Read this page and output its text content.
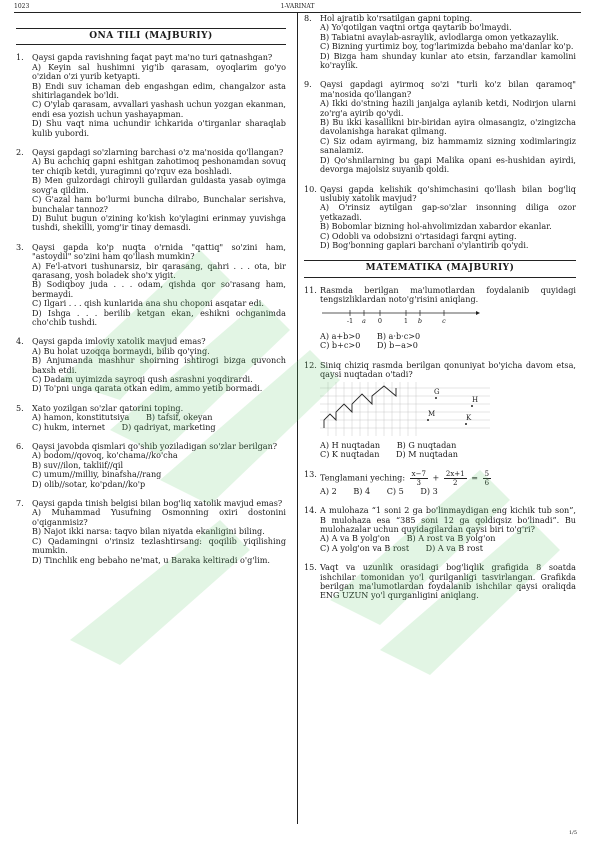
1023	1-VARINAT
ONA TILI (MAJBURIY)
1.	Qaysi gapda ravishning faqat payt ma'no turi qatnashgan?
A) Keyin sal hushimni yig'ib qarasam, oyoqlarim go'yo o'zidan o'zi yurib ketyapti.
B) Endi suv ichaman deb engashgan edim, changalzor asta shitirlagandek bo'ldi.
C) O'ylab qarasam, avvallari yashash uchun yozgan ekanman, endi esa yozish uchun yashayapman.
D) Shu vaqt nima uchundir ichkarida o'tirganlar sharaqlab kulib yubordi.
2.	Qaysi gapdagi so'zlarning barchasi o'z ma'nosida qo'llangan?
A) Bu achchiq gapni eshitgan zahotimoq peshonamdan sovuq ter chiqib ketdi, yuragimni qo'rquv eza boshladi.
B) Men gulzordagi chiroyli gullardan guldasta yasab oyimga sovg'a qildim.
C) G'azal ham bo'lurmi buncha dilrabo, Bunchalar serishva, bunchalar tannoz?
D) Bulut bugun o'zining ko'kish ko'ylagini erinmay yuvishga tushdi, shekilli, yomg'ir tinay demasdi.
3.	Qaysi gapda ko'p nuqta o'rnida "qattiq" so'zini ham, "astoydil" so'zini ham qo'llash mumkin?
A) Fe'l-atvori tushunarsiz, bir qarasang, qahri . . . ota, bir qarasang, yosh boladek sho'x yigit.
B) Sodiqboy juda . . . odam, qishda qor so'rasang ham, bermaydi.
C) Ilgari . . . qish kunlarida ana shu choponi asqatar edi.
D) Ishga . . . berilib ketgan ekan, eshikni ochganimda cho'chib tushdi.
4.	Qaysi gapda imloviy xatolik mavjud emas?
A) Bu holat uzoqqa bormaydi, bilib qo'ying.
B) Anjumanda mashhur shoirning ishtirogi bizga quvonch baxsh etdi.
C) Dadam uyimizda sayroqi qush asrashni yoqdirardi.
D) To'pni unga qarata otkan edim, ammo yetib bormadi.
5.	Xato yozilgan so'zlar qatorini toping.
A) hamon, konstitutsiya B) tafsif, okeyan
C) hukm, internet D) qadriyat, marketing
6.	Qaysi javobda qismlari qo'shib yoziladigan so'zlar berilgan?
A) bodom//qovoq, ko'chama//ko'cha
B) suv//ilon, takliif//qil
C) umum//milliy, binafsha//rang
D) olib//sotar, ko'pdan//ko'p
7.	Qaysi gapda tinish belgisi bilan bog'liq xatolik mavjud emas?
A) Muhammad Yusufning Osmonning oxiri dostonini o'qiganmisiz?
B) Najot ikki narsa: taqvo bilan niyatda ekanligini biling.
C) Qadamingni o'rinsiz tezlashtirsang: qoqilib yiqilishing mumkin.
D) Tinchlik eng bebaho ne'mat, u Baraka keltiradi o'g'lim.
8.	Hol ajratib ko'rsatilgan gapni toping.
A) Yo'qotilgan vaqtni ortga qaytarib bo'lmaydi.
B) Tabiatni avaylab-asraylik, avlodlarga omon yetkazaylik.
C) Bizning yurtimiz boy, tog'larimizda bebaho ma'danlar ko'p.
D) Bizga ham shunday kunlar ato etsin, farzandlar kamolini ko'raylik.
9.	Qaysi gapdagi ayirmoq so'zi "turli ko'z bilan qaramoq" ma'nosida qo'llangan?
A) Ikki do'stning hazili janjalga aylanib ketdi, Nodirjon ularni zo'rg'a ayirib qo'ydi.
B) Bu ikki kasallikni bir-biridan ayira olmasangiz, o'zingizcha davolanishga harakat qilmang.
C) Siz odam ayirmang, biz hammamiz sizning xodimlaringiz sanalamiz.
D) Qo'shnilarning bu gapi Malika opani es-hushidan ayirdi, devorga majolsiz suyanib qoldi.
10. Qaysi gapda kelishik qo'shimchasini qo'llash bilan bog'liq uslubiy xatolik mavjud?
A) O'rinsiz aytilgan gap-so'zlar insonning diliga ozor yetkazadi.
B) Bobomlar bizning hol-ahvolimizdan xabardor ekanlar.
C) Odobli va odobsizni o'rtasidagi farqni ayting.
D) Bog'bonning gaplari barchani o'ylantirib qo'ydi.
MATEMATIKA (MAJBURIY)
11. Rasmda berilgan ma'lumotlardan foydalanib quyidagi tengsizliklardan noto'g'risini aniqlang.
-1 a 0	1 b	c
A) a+b>0 B) a·b·c>0
C) b+c>0 D) b−a>0
12. Siniq chiziq rasmda berilgan qonuniyat bo'yicha davom etsa, qaysi nuqtadan o'tadi?
G
H
M	K
A) H nuqtadan B) G nuqtadan
C) K nuqtadan D) M nuqtadan
13. Tenglamani yeching: $\frac{x-7}{3} + \frac{2x+1}{2} = \frac{5}{6}$
A) 2 B) 4 C) 5 D) 3
14. A mulohaza “1 soni 2 ga bo'linmaydigan eng kichik tub son”, B mulohaza esa “385 soni 12 ga qoldiqsiz bo'linadi”. Bu mulohazalar uchun quyidagilardan qaysi biri to'g'ri?
A) A va B yolg'on B) A rost va B yolg'on
C) A yolg'on va B rost D) A va B rost
15. Vaqt va uzunlik orasidagi bog'liqlik grafigida 8 soatda ishchilar tomonidan yo'l qurilganligi tasvirlangan. Grafikda berilgan ma'lumotlardan foydalanib ishchilar qaysi oraliqda ENG UZUN yo'l qurganligini aniqlang.
1/5
